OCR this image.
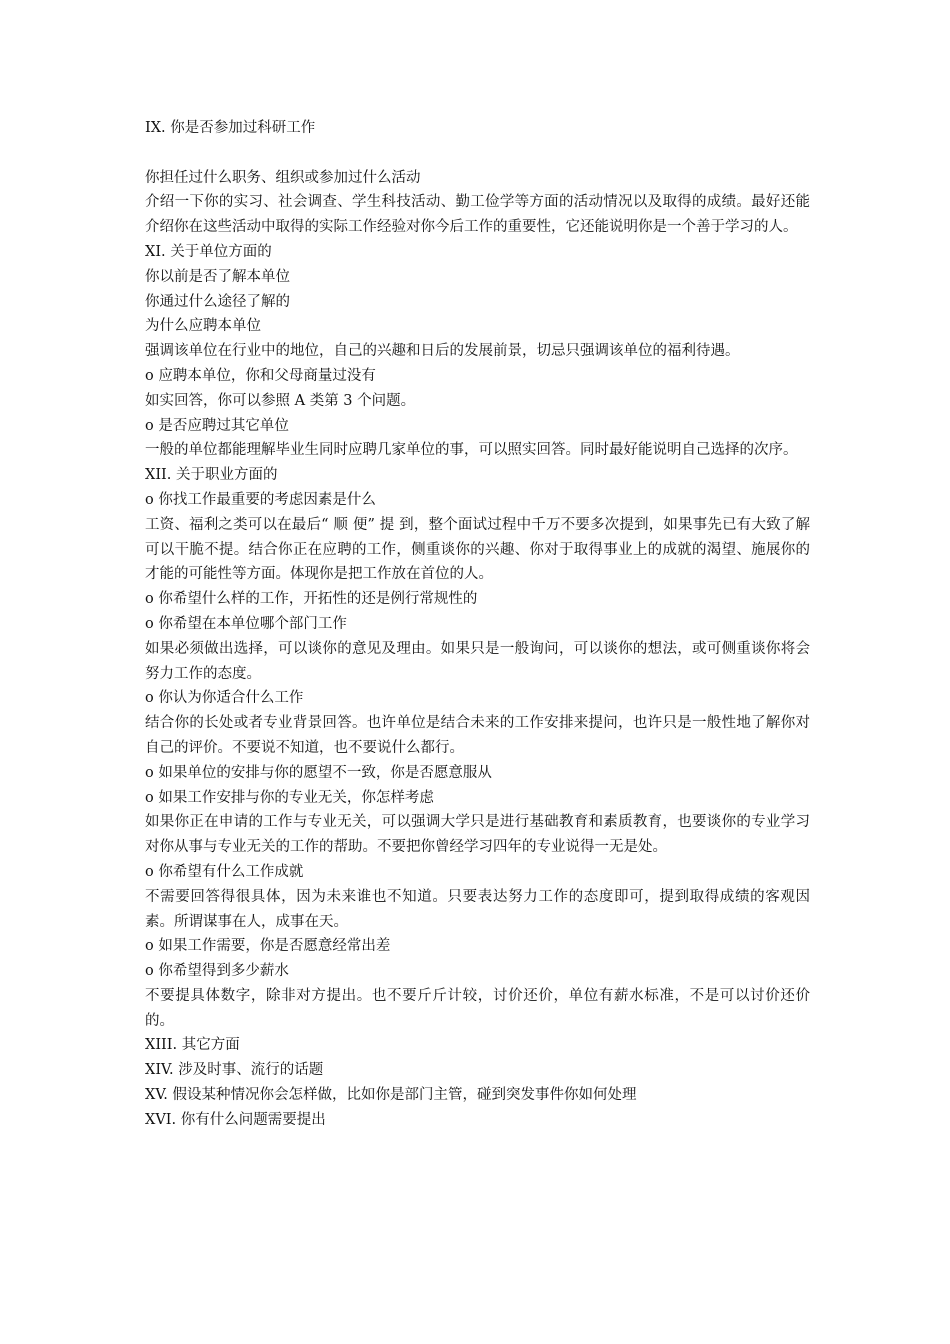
IX. 你是否参加过科研工作
你担任过什么职务、组织或参加过什么活动
介绍一下你的实习、社会调查、学生科技活动、勤工俭学等方面的活动情况以及取得的成绩。最好还能介绍你在这些活动中取得的实际工作经验对你今后工作的重要性，它还能说明你是一个善于学习的人。
XI. 关于单位方面的
你以前是否了解本单位
你通过什么途径了解的
为什么应聘本单位
强调该单位在行业中的地位，自己的兴趣和日后的发展前景，切忌只强调该单位的福利待遇。
o 应聘本单位，你和父母商量过没有
如实回答，你可以参照 A 类第 3 个问题。
o 是否应聘过其它单位
一般的单位都能理解毕业生同时应聘几家单位的事，可以照实回答。同时最好能说明自己选择的次序。
XII. 关于职业方面的
o 你找工作最重要的考虑因素是什么
工资、福利之类可以在最后“ 顺 便” 提 到，整个面试过程中千万不要多次提到，如果事先已有大致了解可以干脆不提。结合你正在应聘的工作，侧重谈你的兴趣、你对于取得事业上的成就的渴望、施展你的才能的可能性等方面。体现你是把工作放在首位的人。
o 你希望什么样的工作，开拓性的还是例行常规性的
o 你希望在本单位哪个部门工作
如果必须做出选择，可以谈你的意见及理由。如果只是一般询问，可以谈你的想法，或可侧重谈你将会努力工作的态度。
o 你认为你适合什么工作
结合你的长处或者专业背景回答。也许单位是结合未来的工作安排来提问，也许只是一般性地了解你对自己的评价。不要说不知道，也不要说什么都行。
o 如果单位的安排与你的愿望不一致，你是否愿意服从
o 如果工作安排与你的专业无关，你怎样考虑
如果你正在申请的工作与专业无关，可以强调大学只是进行基础教育和素质教育，也要谈你的专业学习对你从事与专业无关的工作的帮助。不要把你曾经学习四年的专业说得一无是处。
o 你希望有什么工作成就
不需要回答得很具体，因为未来谁也不知道。只要表达努力工作的态度即可，提到取得成绩的客观因素。所谓谋事在人，成事在天。
o 如果工作需要，你是否愿意经常出差
o 你希望得到多少薪水
不要提具体数字，除非对方提出。也不要斤斤计较，讨价还价，单位有薪水标准，不是可以讨价还价的。
XIII. 其它方面
XIV. 涉及时事、流行的话题
XV. 假设某种情况你会怎样做，比如你是部门主管，碰到突发事件你如何处理
XVI. 你有什么问题需要提出
